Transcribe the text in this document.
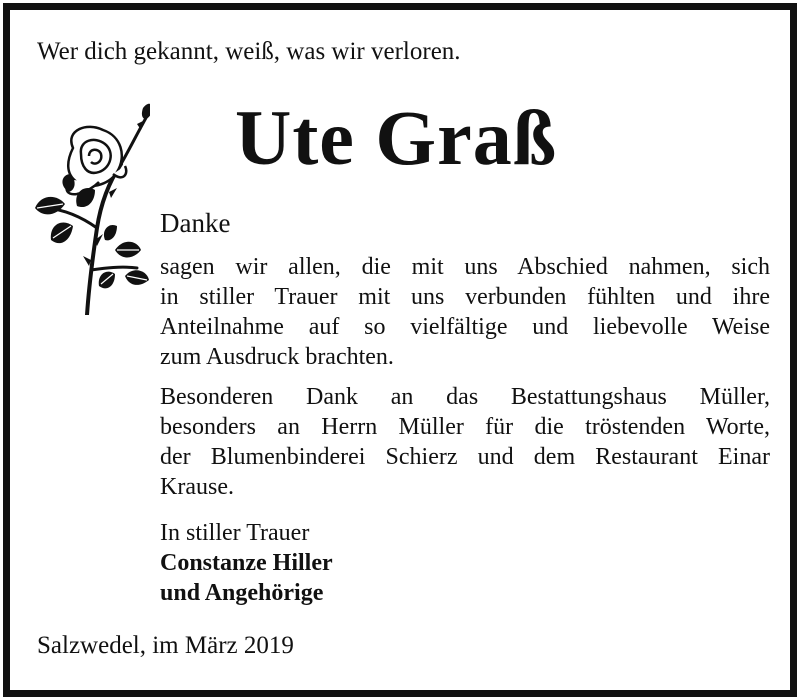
Wer dich gekannt, weiß, was wir verloren.
Ute Graß
Danke
sagen wir allen, die mit uns Abschied nahmen, sich
in stiller Trauer mit uns verbunden fühlten und ihre
Anteilnahme auf so vielfältige und liebevolle Weise
zum Ausdruck brachten.
Besonderen Dank an das Bestattungshaus Müller,
besonders an Herrn Müller für die tröstenden Worte,
der Blumenbinderei Schierz und dem Restaurant Einar
Krause.
In stiller Trauer
Constanze Hiller
und Angehörige
Salzwedel, im März 2019
